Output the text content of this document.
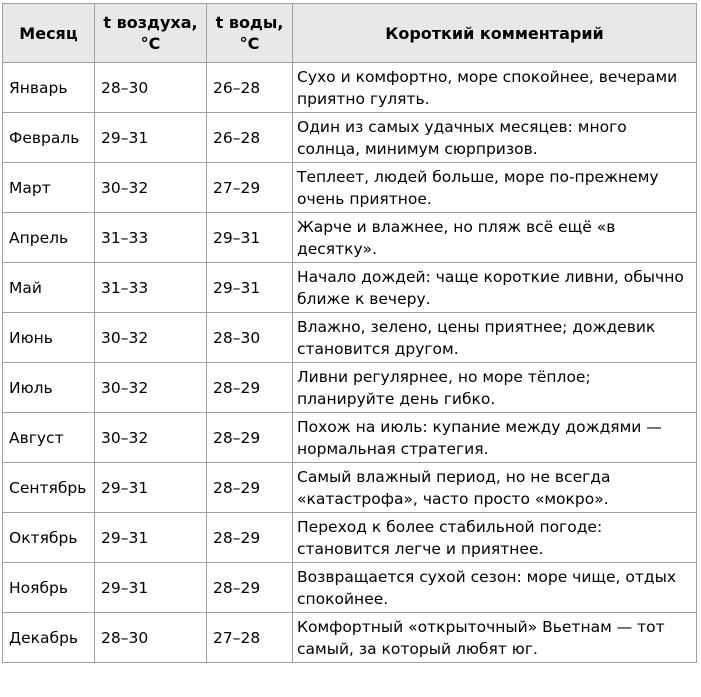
Месяц	t воздуха, °C	t воды, °C	Короткий комментарий
Январь	28–30	26–28	Сухо и комфортно, море спокойнее, вечерами приятно гулять.
Февраль	29–31	26–28	Один из самых удачных месяцев: много солнца, минимум сюрпризов.
Март	30–32	27–29	Теплеет, людей больше, море по-прежнему очень приятное.
Апрель	31–33	29–31	Жарче и влажнее, но пляж всё ещё «в десятку».
Май	31–33	29–31	Начало дождей: чаще короткие ливни, обычно ближе к вечеру.
Июнь	30–32	28–30	Влажно, зелено, цены приятнее; дождевик становится другом.
Июль	30–32	28–29	Ливни регулярнее, но море тёплое; планируйте день гибко.
Август	30–32	28–29	Похож на июль: купание между дождями — нормальная стратегия.
Сентябрь	29–31	28–29	Самый влажный период, но не всегда «катастрофа», часто просто «мокро».
Октябрь	29–31	28–29	Переход к более стабильной погоде: становится легче и приятнее.
Ноябрь	29–31	28–29	Возвращается сухой сезон: море чище, отдых спокойнее.
Декабрь	28–30	27–28	Комфортный «открыточный» Вьетнам — тот самый, за который любят юг.
